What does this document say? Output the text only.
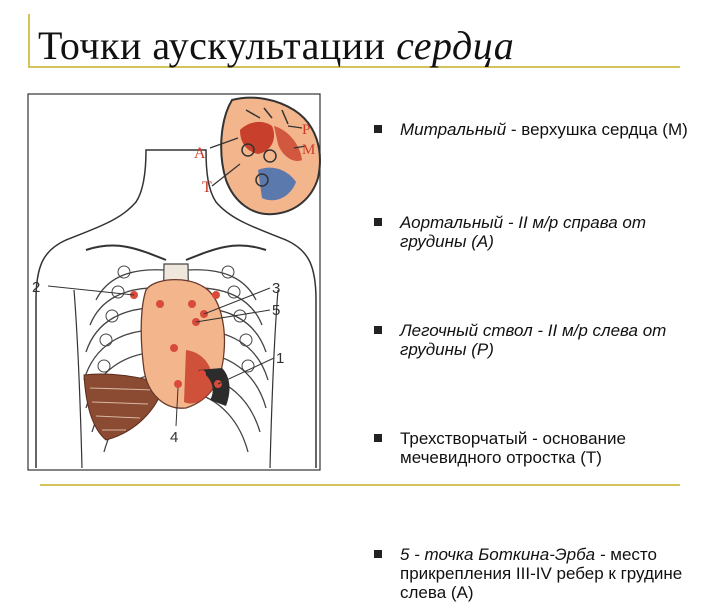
Точки аускультации сердца
А
Т
Р
М
2	3
5
1
4
Митральный - верхушка сердца (М)
Аортальный - II м/р справа от грудины (А)
Легочный ствол - II м/р слева от грудины (Р)
Трехстворчатый - основание мечевидного отростка (Т)
5 - точка Боткина-Эрба - место прикрепления III-IV ребер к грудине слева (А)
